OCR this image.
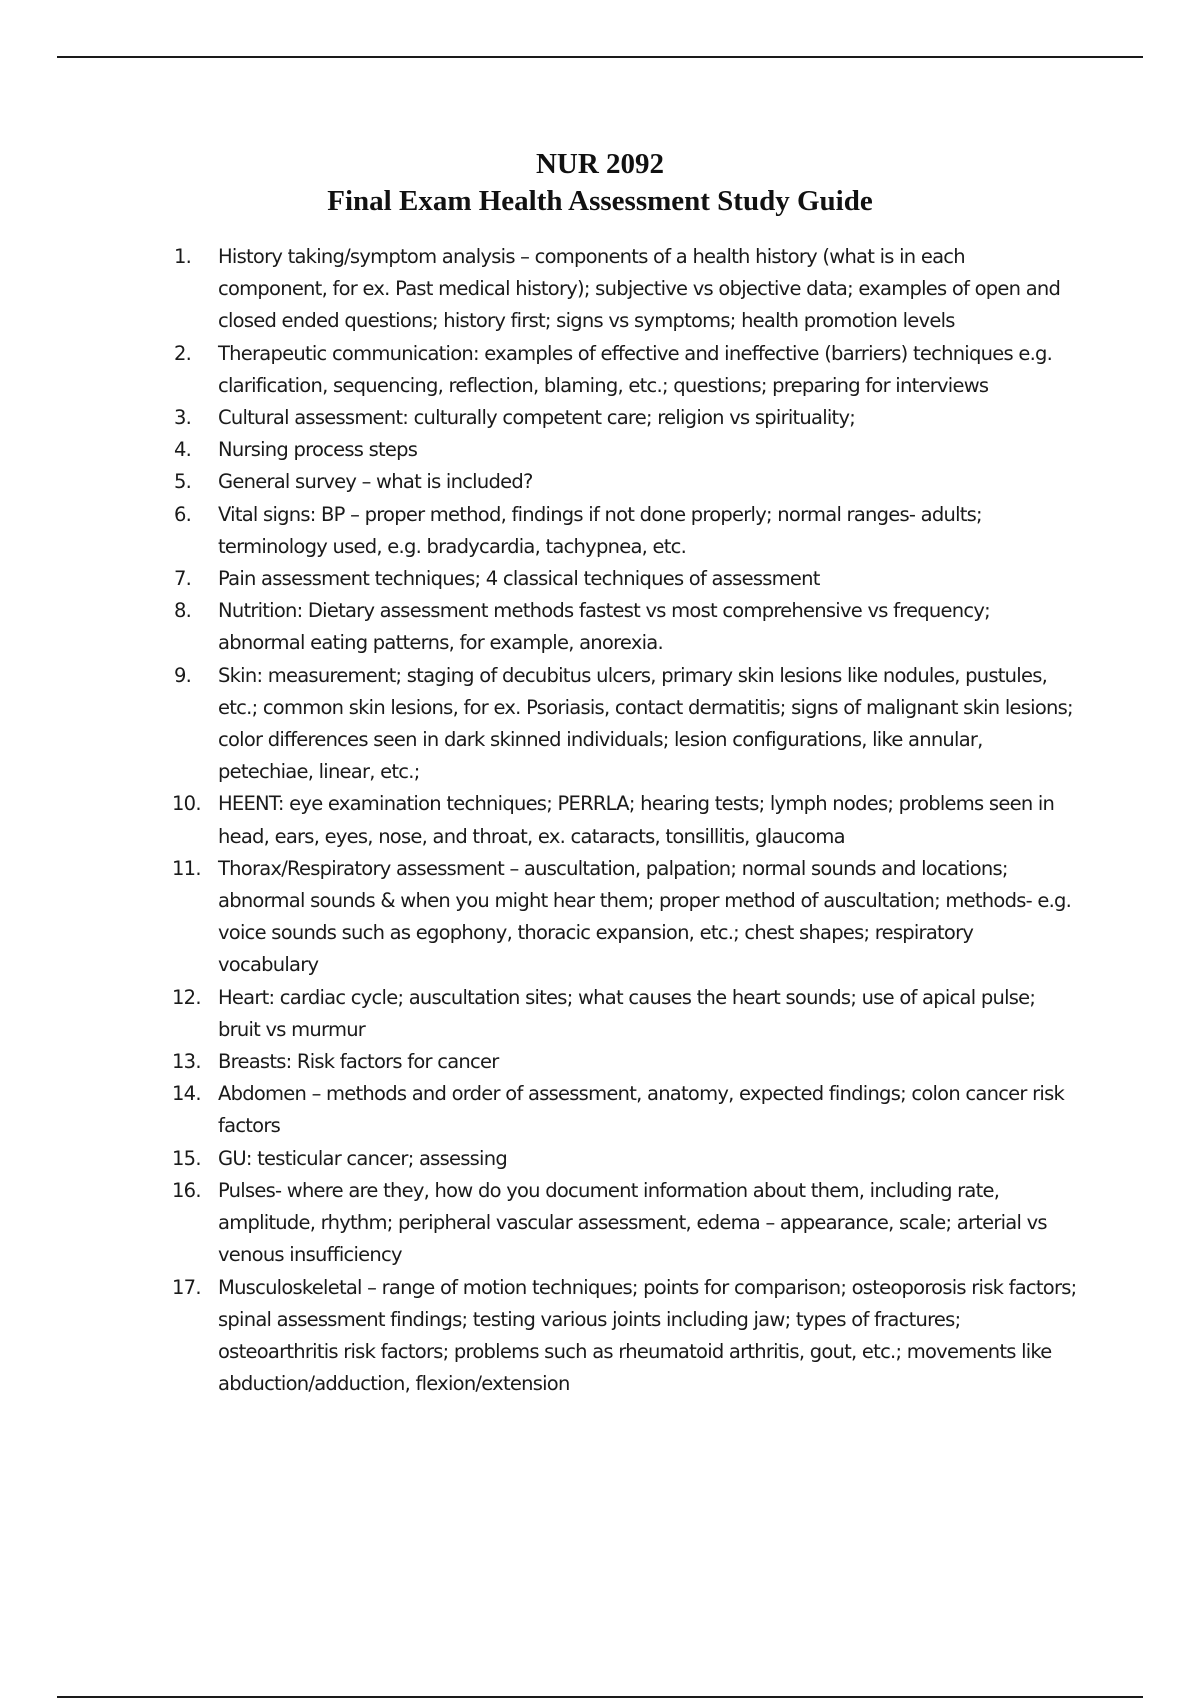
NUR 2092
Final Exam Health Assessment Study Guide
1.	History taking/symptom analysis – components of a health history (what is in each component, for ex. Past medical history); subjective vs objective data; examples of open and closed ended questions; history first; signs vs symptoms; health promotion levels
2.	Therapeutic communication: examples of effective and ineffective (barriers) techniques e.g. clarification, sequencing, reflection, blaming, etc.; questions; preparing for interviews
3.	Cultural assessment: culturally competent care; religion vs spirituality;
4.	Nursing process steps
5.	General survey – what is included?
6.	Vital signs: BP – proper method, findings if not done properly; normal ranges- adults; terminology used, e.g. bradycardia, tachypnea, etc.
7.	Pain assessment techniques; 4 classical techniques of assessment
8.	Nutrition: Dietary assessment methods fastest vs most comprehensive vs frequency; abnormal eating patterns, for example, anorexia.
9.	Skin: measurement; staging of decubitus ulcers, primary skin lesions like nodules, pustules, etc.; common skin lesions, for ex. Psoriasis, contact dermatitis; signs of malignant skin lesions; color differences seen in dark skinned individuals; lesion configurations, like annular, petechiae, linear, etc.;
10. HEENT: eye examination techniques; PERRLA; hearing tests; lymph nodes; problems seen in head, ears, eyes, nose, and throat, ex. cataracts, tonsillitis, glaucoma
11. Thorax/Respiratory assessment – auscultation, palpation; normal sounds and locations; abnormal sounds & when you might hear them; proper method of auscultation; methods- e.g. voice sounds such as egophony, thoracic expansion, etc.; chest shapes; respiratory vocabulary
12. Heart: cardiac cycle; auscultation sites; what causes the heart sounds; use of apical pulse; bruit vs murmur
13. Breasts: Risk factors for cancer
14. Abdomen – methods and order of assessment, anatomy, expected findings; colon cancer risk factors
15. GU: testicular cancer; assessing
16. Pulses- where are they, how do you document information about them, including rate, amplitude, rhythm; peripheral vascular assessment, edema – appearance, scale; arterial vs venous insufficiency
17. Musculoskeletal – range of motion techniques; points for comparison; osteoporosis risk factors; spinal assessment findings; testing various joints including jaw; types of fractures; osteoarthritis risk factors; problems such as rheumatoid arthritis, gout, etc.; movements like abduction/adduction, flexion/extension
